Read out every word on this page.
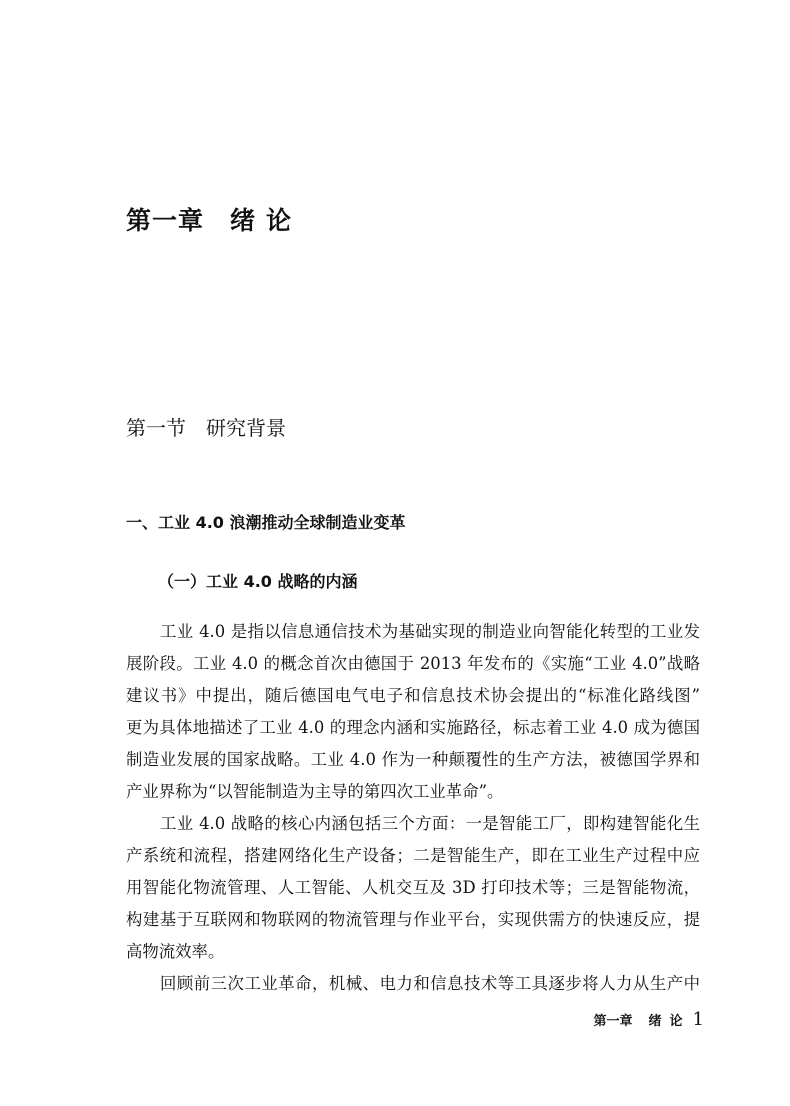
第一章 绪 论
第一节 研究背景
一、工业 4.0 浪潮推动全球制造业变革
（一）工业 4.0 战略的内涵
工业 4.0 是指以信息通信技术为基础实现的制造业向智能化转型的工业发
展阶段。工业 4.0 的概念首次由德国于 2013 年发布的《实施“工业 4.0”战略
建议书》中提出，随后德国电气电子和信息技术协会提出的“标准化路线图”
更为具体地描述了工业 4.0 的理念内涵和实施路径，标志着工业 4.0 成为德国
制造业发展的国家战略。工业 4.0 作为一种颠覆性的生产方法，被德国学界和
产业界称为“以智能制造为主导的第四次工业革命”。
工业 4.0 战略的核心内涵包括三个方面：一是智能工厂，即构建智能化生
产系统和流程，搭建网络化生产设备；二是智能生产，即在工业生产过程中应
用智能化物流管理、人工智能、人机交互及 3D 打印技术等；三是智能物流，
构建基于互联网和物联网的物流管理与作业平台，实现供需方的快速反应，提
高物流效率。
回顾前三次工业革命，机械、电力和信息技术等工具逐步将人力从生产中
第一章 绪 论 1
